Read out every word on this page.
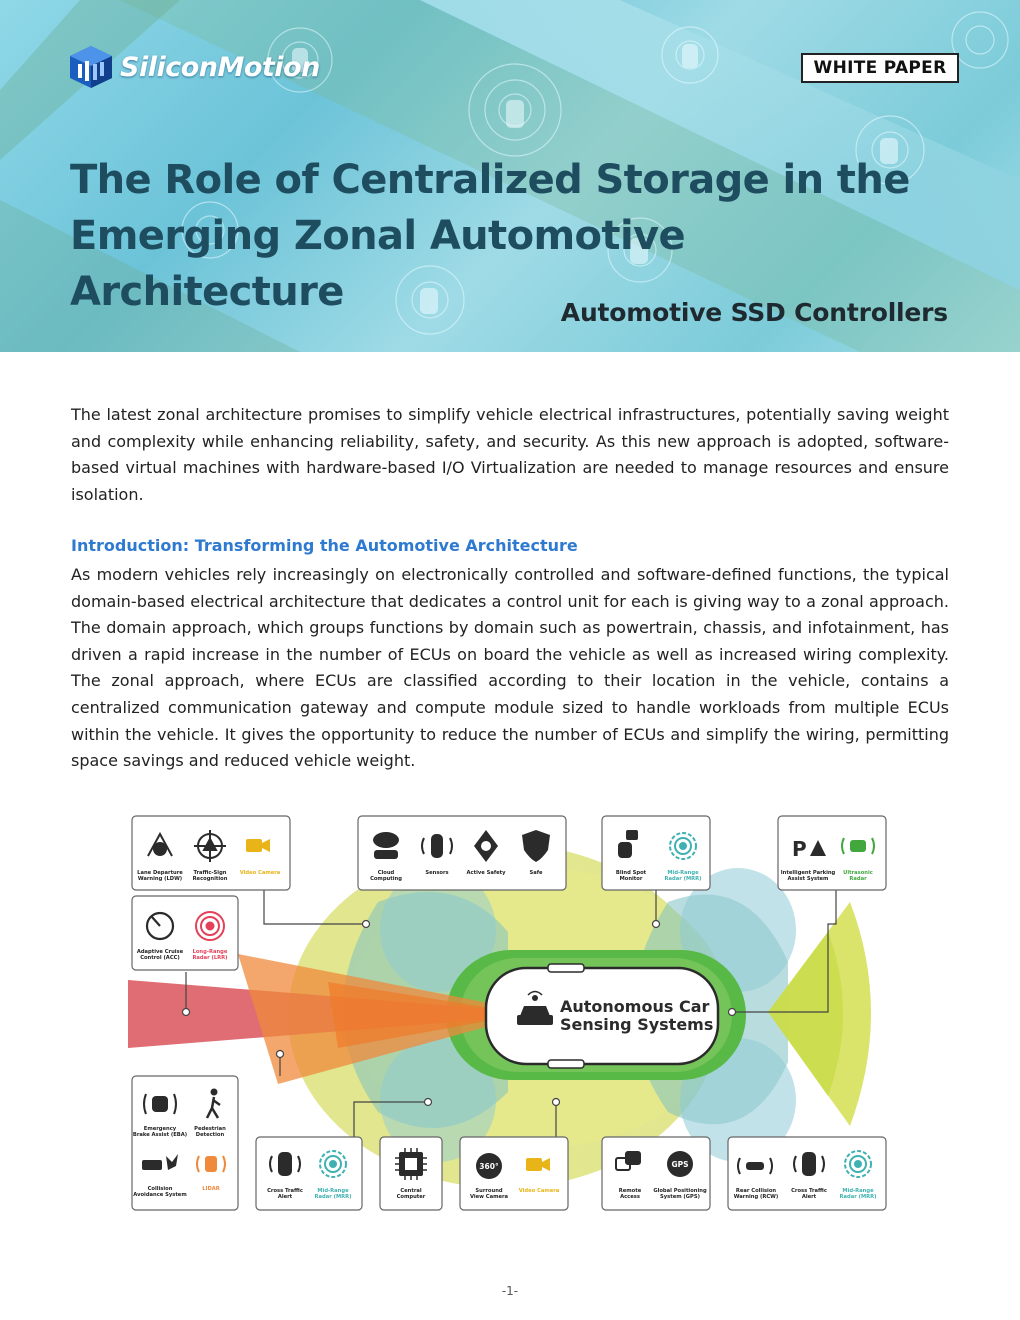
SiliconMotion	WHITE PAPER
The Role of Centralized Storage in the
Emerging Zonal Automotive Architecture	Automotive SSD Controllers

The latest zonal architecture promises to simplify vehicle electrical infrastructures, potentially saving weight and complexity while enhancing reliability, safety, and security. As this new approach is adopted, software-based virtual machines with hardware-based I/O Virtualization are needed to manage resources and ensure isolation.

Introduction: Transforming the Automotive Architecture

As modern vehicles rely increasingly on electronically controlled and software-defined functions, the typical domain-based electrical architecture that dedicates a control unit for each is giving way to a zonal approach. The domain approach, which groups functions by domain such as powertrain, chassis, and infotainment, has driven a rapid increase in the number of ECUs on board the vehicle as well as increased wiring complexity. The zonal approach, where ECUs are classified according to their location in the vehicle, contains a centralized communication gateway and compute module sized to handle workloads from multiple ECUs within the vehicle. It gives the opportunity to reduce the number of ECUs and simplify the wiring, permitting space savings and reduced vehicle weight.

Autonomous Car
Sensing Systems
Lane Departure
Warning (LDW)
Traffic-Sign
Recognition
Video Camera
Adaptive Cruise
Control (ACC)
Long-Range
Radar (LRR)
Cloud
Computing
Sensors	Active Safety	Safe	Blind Spot
Monitor
Mid-Range
Radar (MRR)
P
Intelligent Parking
Assist System
Ultrasonic
Radar
Emergency
Brake Assist (EBA)
Pedestrian
Detection
Collision
Avoidance System
LIDAR	Cross Traffic
Alert
Mid-Range
Radar (MRR)
Central
Computer
360°
Surround
View Camera
Video Camera
GPS
Remote
Access
Global Positioning
System (GPS)
Rear Collision
Warning (RCW)
Cross Traffic
Alert
Mid-Range
Radar (MRR)
-1-
